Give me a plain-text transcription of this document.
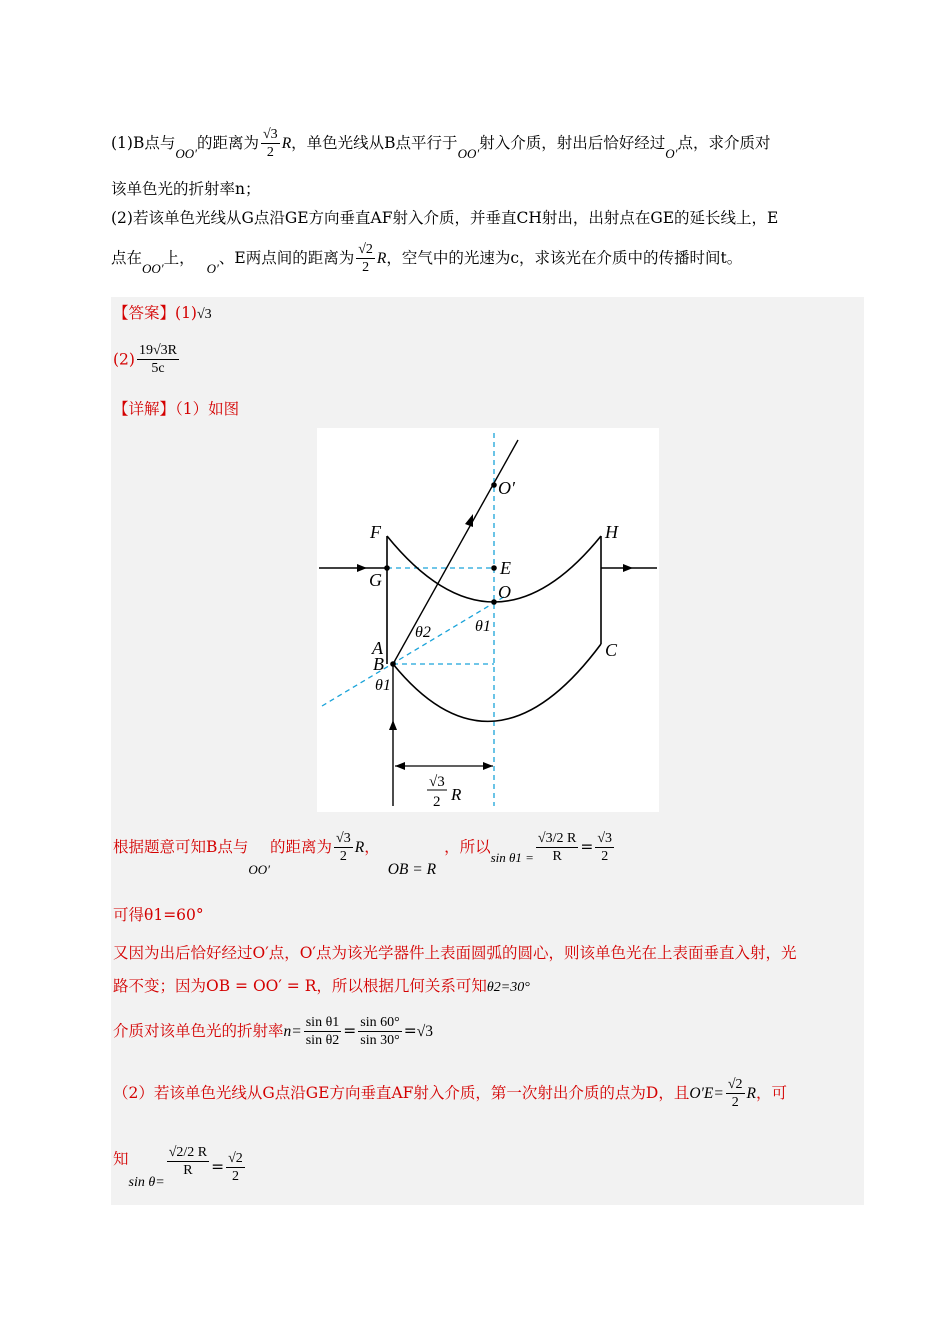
(1)B点与$_{OO'}$的距离为 $\frac{√3}{2}$ R，单色光线从B点平行于$_{OO'}$射入介质，射出后恰好经过$_{O'}$点，求介质对
该单色光的折射率n；
(2)若该单色光线从G点沿GE方向垂直AF射入介质，并垂直CH射出，出射点在GE的延长线上，E
点在$_{OO'}$上，$_{O'}$、E两点间的距离为 $\frac{√2}{2}$ R，空气中的光速为c，求该光在介质中的传播时间t。
【答案】(1)√3
$(2) \frac{19√3R}{5c}$
【详解】（1）如图
O′
F	H
G
E
O
θ1
θ2
A
B
C
θ1
√3
2 R
根据题意可知B点与$_{OO'}$的距离为 $\frac{√3}{2}$ R，OB = R，所以$_{sin \theta 1 =} \frac{√3/2 R}{R} = \frac{√3}{2}$
可得θ1=60°
又因为出后恰好经过O′点，O′点为该光学器件上表面圆弧的圆心，则该单色光在上表面垂直入射，光
路不变；因为OB = OO′ = R，所以根据几何关系可知θ2=30°
介质对该单色光的折射率$n= \frac{\text{sin θ1}}{\text{sin θ2}} = \frac{\sin 60^\circ}{\sin 30^\circ} =√3$
（2）若该单色光线从G点沿GE方向垂直AF射入介质，第一次射出介质的点为D，且$O'E= \frac{√2}{2}$ R，可
知sin θ=
$\frac{√2/2 R}{R} = \frac{√2}{2}$
